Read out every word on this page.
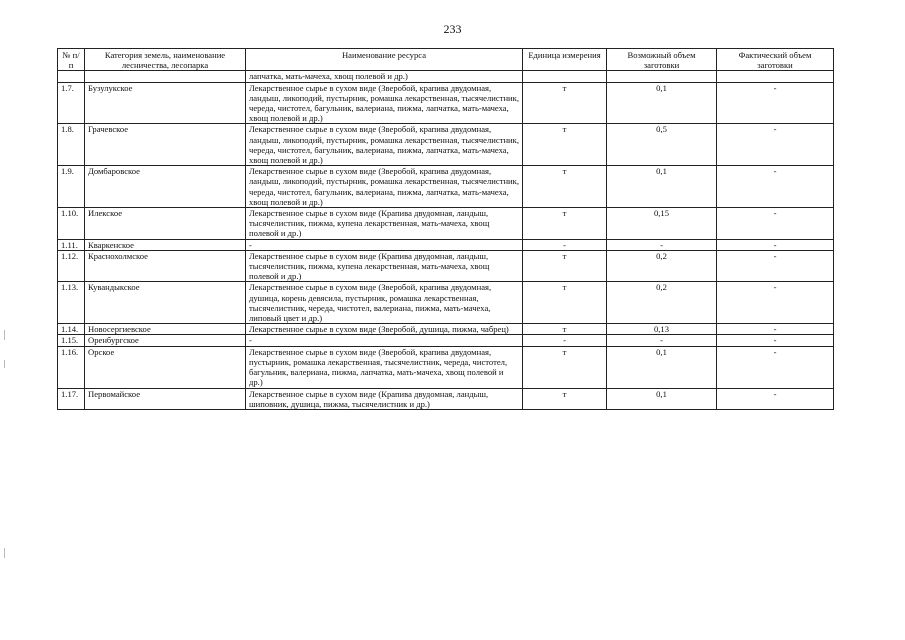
233
№ п/п	Категория земель, наименование лесничества, лесопарка	Наименование ресурса	Единица измерения	Возможный объем заготовки	Фактический объем заготовки
		лапчатка, мать-мачеха, хвощ полевой и др.)			
1.7.	Бузулукское	Лекарственное сырье в сухом виде (Зверобой, крапива двудомная, ландыш, ликоподий, пустырник, ромашка лекарственная, тысячелистник, череда, чистотел, багульник, валериана, пижма, лапчатка, мать-мачеха, хвощ полевой и др.)	т	0,1	-
1.8.	Грачевское	Лекарственное сырье в сухом виде (Зверобой, крапива двудомная, ландыш, ликоподий, пустырник, ромашка лекарственная, тысячелистник, череда, чистотел, багульник, валериана, пижма, лапчатка, мать-мачеха, хвощ полевой и др.)	т	0,5	-
1.9.	Домбаровское	Лекарственное сырье в сухом виде (Зверобой, крапива двудомная, ландыш, ликоподий, пустырник, ромашка лекарственная, тысячелистник, череда, чистотел, багульник, валериана, пижма, лапчатка, мать-мачеха, хвощ полевой и др.)	т	0,1	-
1.10.	Илекское	Лекарственное сырье в сухом виде (Крапива двудомная, ландыш, тысячелистник, пижма, купена лекарственная, мать-мачеха, хвощ полевой и др.)	т	0,15	-
1.11.	Кваркенское	-	-	-	-
1.12.	Краснохолмское	Лекарственное сырье в сухом виде (Крапива двудомная, ландыш, тысячелистник, пижма, купена лекарственная, мать-мачеха, хвощ полевой и др.)	т	0,2	-
1.13.	Кувандыкское	Лекарственное сырье в сухом виде (Зверобой, крапива двудомная, душица, корень девясила, пустырник, ромашка лекарственная, тысячелистник, череда, чистотел, валериана, пижма, мать-мачеха, липовый цвет и др.)	т	0,2	-
1.14.	Новосергиевское	Лекарственное сырье в сухом виде (Зверобой, душица, пижма, чабрец)	т	0,13	-
1.15.	Оренбургское	-	-	-	-
1.16.	Орское	Лекарственное сырье в сухом виде (Зверобой, крапива двудомная, пустырник, ромашка лекарственная, тысячелистник, череда, чистотел, багульник, валериана, пижма, лапчатка, мать-мачеха, хвощ полевой и др.)	т	0,1	-
1.17.	Первомайское	Лекарственное сырье в сухом виде (Крапива двудомная, ландыш, шиповник, душица, пижма, тысячелистник и др.)	т	0,1	-
